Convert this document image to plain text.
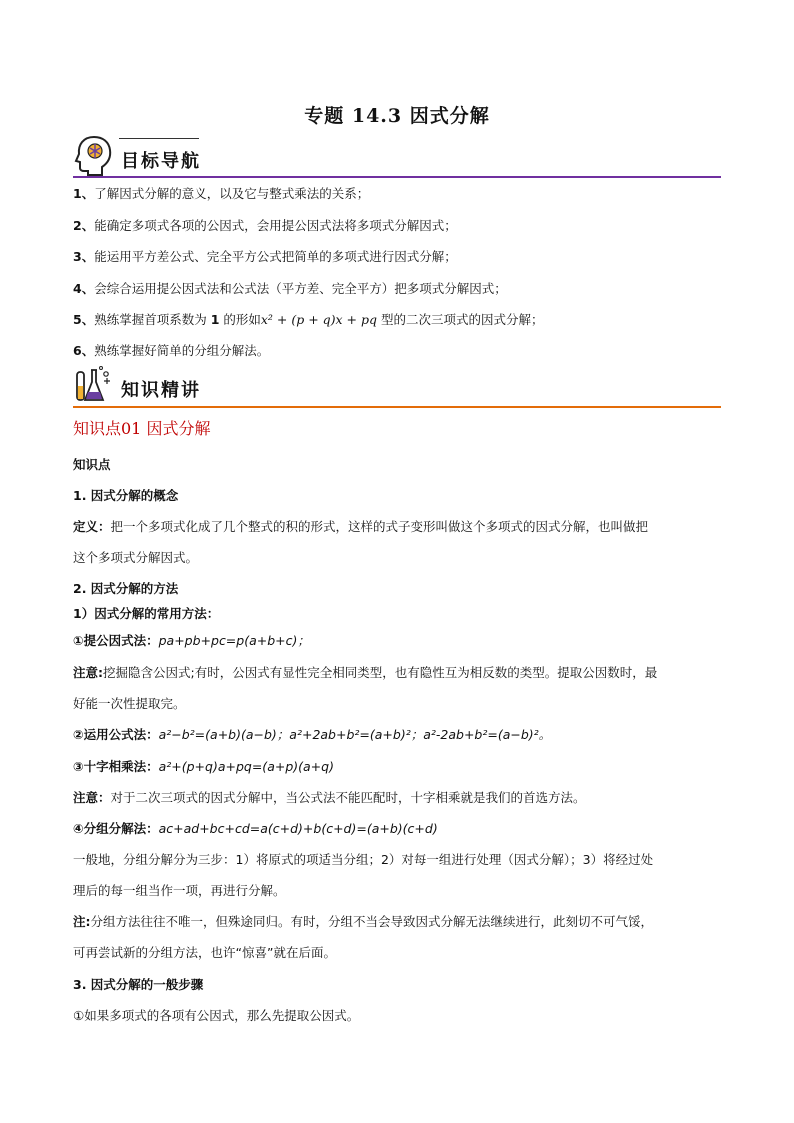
专题 14.3 因式分解
目标导航
1、了解因式分解的意义，以及它与整式乘法的关系；
2、能确定多项式各项的公因式，会用提公因式法将多项式分解因式；
3、能运用平方差公式、完全平方公式把简单的多项式进行因式分解；
4、会综合运用提公因式法和公式法（平方差、完全平方）把多项式分解因式；
5、熟练掌握首项系数为 1 的形如x² + (p + q)x + pq 型的二次三项式的因式分解；
6、熟练掌握好简单的分组分解法。
知识精讲
知识点01 因式分解
知识点
1. 因式分解的概念
定义：把一个多项式化成了几个整式的积的形式，这样的式子变形叫做这个多项式的因式分解，也叫做把
这个多项式分解因式。
2. 因式分解的方法
1）因式分解的常用方法：
①提公因式法：pa+pb+pc=p(a+b+c)；
注意:挖掘隐含公因式;有时，公因式有显性完全相同类型，也有隐性互为相反数的类型。提取公因数时，最
好能一次性提取完。
②运用公式法：a²−b²=(a+b)(a−b)；a²+2ab+b²=(a+b)²；a²-2ab+b²=(a−b)²。
③十字相乘法：a²+(p+q)a+pq=(a+p)(a+q)
注意：对于二次三项式的因式分解中，当公式法不能匹配时，十字相乘就是我们的首选方法。
④分组分解法：ac+ad+bc+cd=a(c+d)+b(c+d)=(a+b)(c+d)
一般地，分组分解分为三步：1）将原式的项适当分组；2）对每一组进行处理（因式分解）；3）将经过处
理后的每一组当作一项，再进行分解。
注:分组方法往往不唯一，但殊途同归。有时，分组不当会导致因式分解无法继续进行，此刻切不可气馁，
可再尝试新的分组方法，也许“惊喜”就在后面。
3. 因式分解的一般步骤
①如果多项式的各项有公因式，那么先提取公因式。
